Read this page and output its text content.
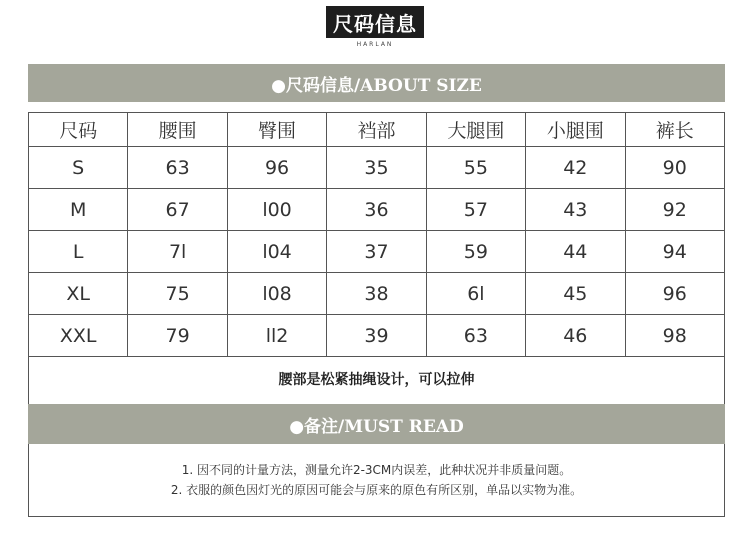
尺码信息
HARLAN
●尺码信息/ABOUT SIZE
尺码	腰围	臀围	裆部	大腿围	小腿围	裤长
S	63	96	35	55	42	90
M	67	l00	36	57	43	92
L	7l	l04	37	59	44	94
XL	75	l08	38	6l	45	96
XXL	79	ll2	39	63	46	98
腰部是松紧抽绳设计，可以拉伸
●备注/MUST READ
1. 因不同的计量方法，测量允许2-3CM内误差，此种状况并非质量问题。
2. 衣服的颜色因灯光的原因可能会与原来的原色有所区别，单品以实物为准。
